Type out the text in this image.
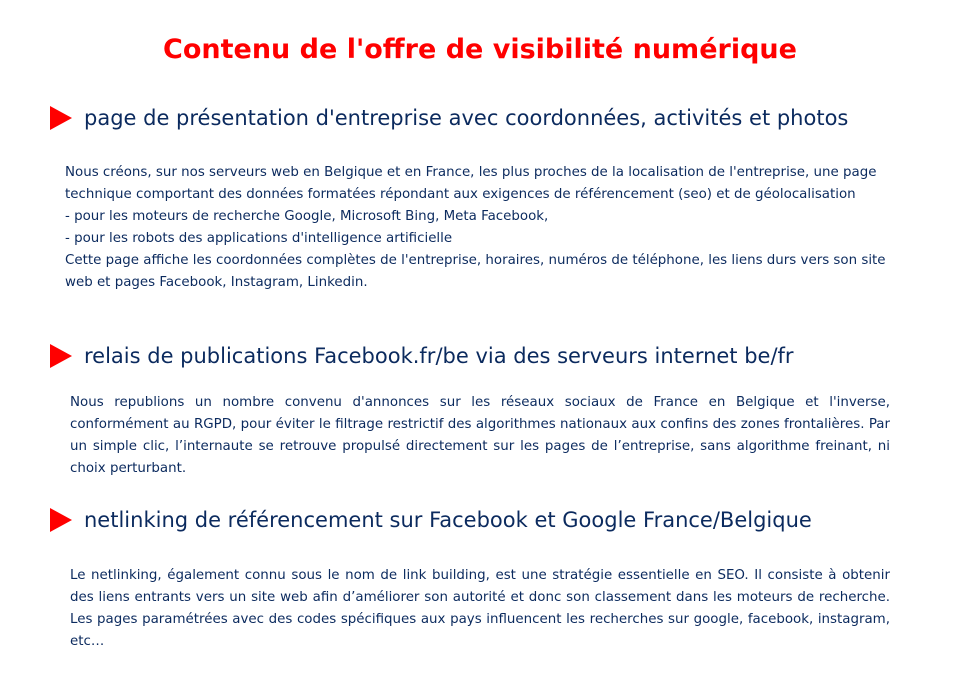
Contenu de l'offre de visibilité numérique
page de présentation d'entreprise avec coordonnées, activités et photos
Nous créons, sur nos serveurs web en Belgique et en France, les plus proches de la localisation de l'entreprise, une page technique comportant des données formatées répondant aux exigences de référencement (seo) et de géolocalisation
- pour les moteurs de recherche Google, Microsoft Bing, Meta Facebook,
- pour les robots des applications d'intelligence artificielle
Cette page affiche les coordonnées complètes de l'entreprise, horaires, numéros de téléphone, les liens durs vers son site web et pages Facebook, Instagram, Linkedin.
relais de publications Facebook.fr/be via des serveurs internet be/fr
Nous republions un nombre convenu d'annonces sur les réseaux sociaux de France en Belgique et l'inverse, conformément au RGPD, pour éviter le filtrage restrictif des algorithmes nationaux aux confins des zones frontalières. Par un simple clic, l’internaute se retrouve propulsé directement sur les pages de l’entreprise, sans algorithme freinant, ni choix perturbant.
netlinking de référencement sur Facebook et Google France/Belgique
Le netlinking, également connu sous le nom de link building, est une stratégie essentielle en SEO. Il consiste à obtenir des liens entrants vers un site web afin d’améliorer son autorité et donc son classement dans les moteurs de recherche. Les pages paramétrées avec des codes spécifiques aux pays influencent les recherches sur google, facebook, instagram, etc…
